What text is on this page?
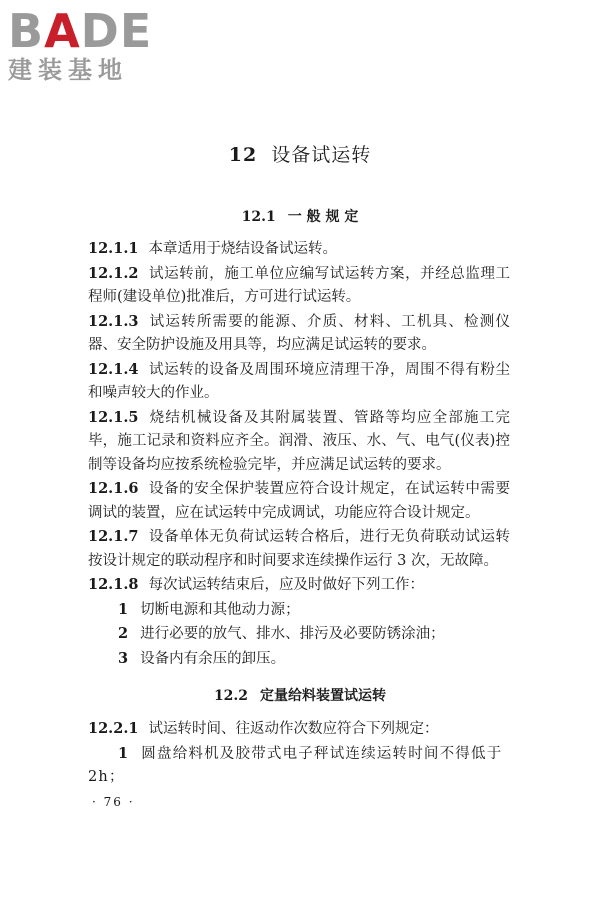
BADE
建装基地
12 设备试运转
12.1 一 般 规 定

12.1.1 本章适用于烧结设备试运转。

12.1.2 试运转前，施工单位应编写试运转方案，并经总监理工程师(建设单位)批准后，方可进行试运转。

12.1.3 试运转所需要的能源、介质、材料、工机具、检测仪器、安全防护设施及用具等，均应满足试运转的要求。

12.1.4 试运转的设备及周围环境应清理干净，周围不得有粉尘和噪声较大的作业。

12.1.5 烧结机械设备及其附属装置、管路等均应全部施工完毕，施工记录和资料应齐全。润滑、液压、水、气、电气(仪表)控制等设备均应按系统检验完毕，并应满足试运转的要求。

12.1.6 设备的安全保护装置应符合设计规定，在试运转中需要调试的装置，应在试运转中完成调试，功能应符合设计规定。

12.1.7 设备单体无负荷试运转合格后，进行无负荷联动试运转按设计规定的联动程序和时间要求连续操作运行 3 次，无故障。

12.1.8 每次试运转结束后，应及时做好下列工作：

1 切断电源和其他动力源；

2 进行必要的放气、排水、排污及必要防锈涂油；

3 设备内有余压的卸压。

12.2 定量给料装置试运转

12.2.1 试运转时间、往返动作次数应符合下列规定：

1 圆盘给料机及胶带式电子秤试连续运转时间不得低于 2h；

· 76 ·
